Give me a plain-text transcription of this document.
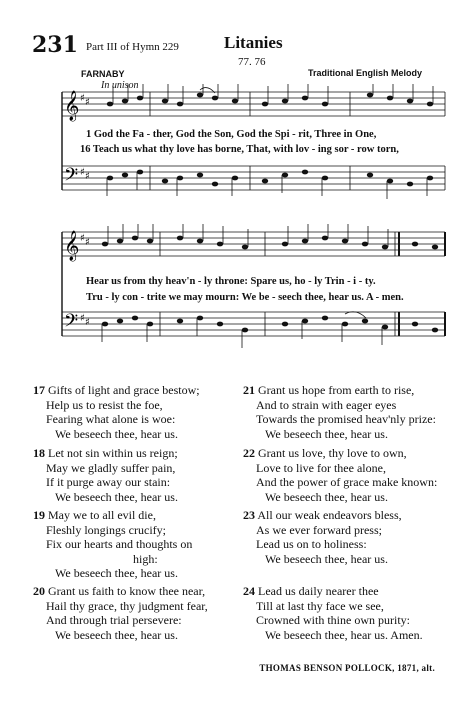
231 Part III of Hymn 229	Litanies
77. 76
FARNABY
In unison
Traditional English Melody
𝄞
𝄢
♯ ♯
♯ ♯
1 God the Fa - ther, God the Son, God the Spi - rit, Three in One,
16 Teach us what thy love has borne, That, with lov - ing sor - row torn,
𝄞
𝄢
♯ ♯
♯ ♯
Hear us from thy heav'n - ly throne: Spare us, ho - ly Trin - i - ty.
Tru - ly con - trite we may mourn: We be - seech thee, hear us. A - men.
17 Gifts of light and grace bestow;
Help us to resist the foe,
Fearing what alone is woe:
We beseech thee, hear us.
18 Let not sin within us reign;
May we gladly suffer pain,
If it purge away our stain:
We beseech thee, hear us.
19 May we to all evil die,
Fleshly longings crucify;
Fix our hearts and thoughts on
high:
We beseech thee, hear us.
20 Grant us faith to know thee near,
Hail thy grace, thy judgment fear,
And through trial persevere:
We beseech thee, hear us.
21 Grant us hope from earth to rise,
And to strain with eager eyes
Towards the promised heav'nly prize:
We beseech thee, hear us.
22 Grant us love, thy love to own,
Love to live for thee alone,
And the power of grace make known:
We beseech thee, hear us.
23 All our weak endeavors bless,
As we ever forward press;
Lead us on to holiness:
We beseech thee, hear us.
24 Lead us daily nearer thee
Till at last thy face we see,
Crowned with thine own purity:
We beseech thee, hear us. Amen.
THOMAS BENSON POLLOCK, 1871, alt.
